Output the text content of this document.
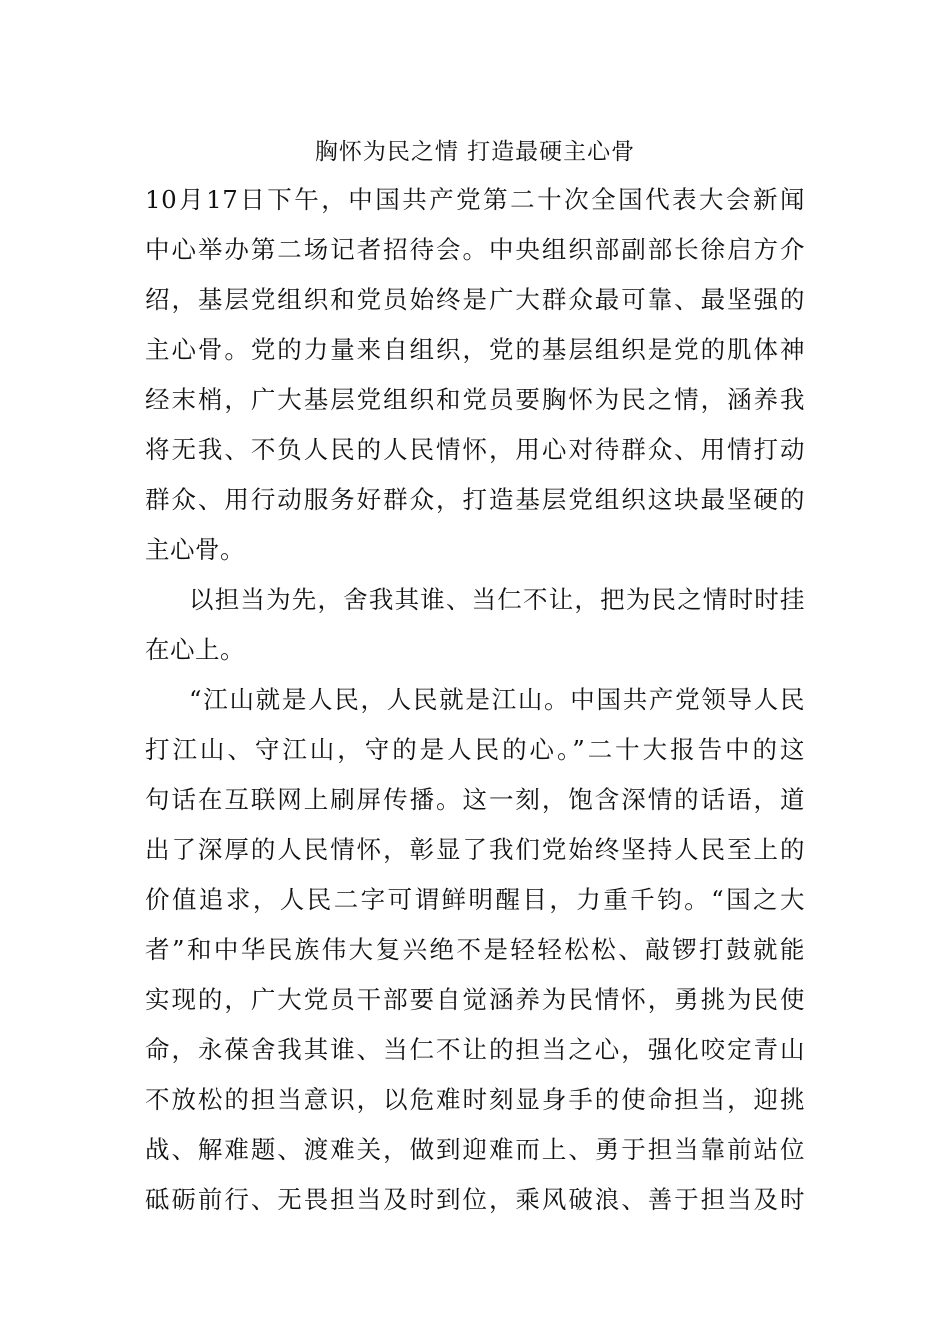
胸怀为民之情 打造最硬主心骨
10月17日下午，中国共产党第二十次全国代表大会新闻
中心举办第二场记者招待会。中央组织部副部长徐启方介
绍，基层党组织和党员始终是广大群众最可靠、最坚强的
主心骨。党的力量来自组织，党的基层组织是党的肌体神
经末梢，广大基层党组织和党员要胸怀为民之情，涵养我
将无我、不负人民的人民情怀，用心对待群众、用情打动
群众、用行动服务好群众，打造基层党组织这块最坚硬的
主心骨。
以担当为先，舍我其谁、当仁不让，把为民之情时时挂
在心上。
“江山就是人民，人民就是江山。中国共产党领导人民
打江山、守江山，守的是人民的心。”二十大报告中的这
句话在互联网上刷屏传播。这一刻，饱含深情的话语，道
出了深厚的人民情怀，彰显了我们党始终坚持人民至上的
价值追求，人民二字可谓鲜明醒目，力重千钧。“国之大
者”和中华民族伟大复兴绝不是轻轻松松、敲锣打鼓就能
实现的，广大党员干部要自觉涵养为民情怀，勇挑为民使
命，永葆舍我其谁、当仁不让的担当之心，强化咬定青山
不放松的担当意识，以危难时刻显身手的使命担当，迎挑
战、解难题、渡难关，做到迎难而上、勇于担当靠前站位
砥砺前行、无畏担当及时到位，乘风破浪、善于担当及时
